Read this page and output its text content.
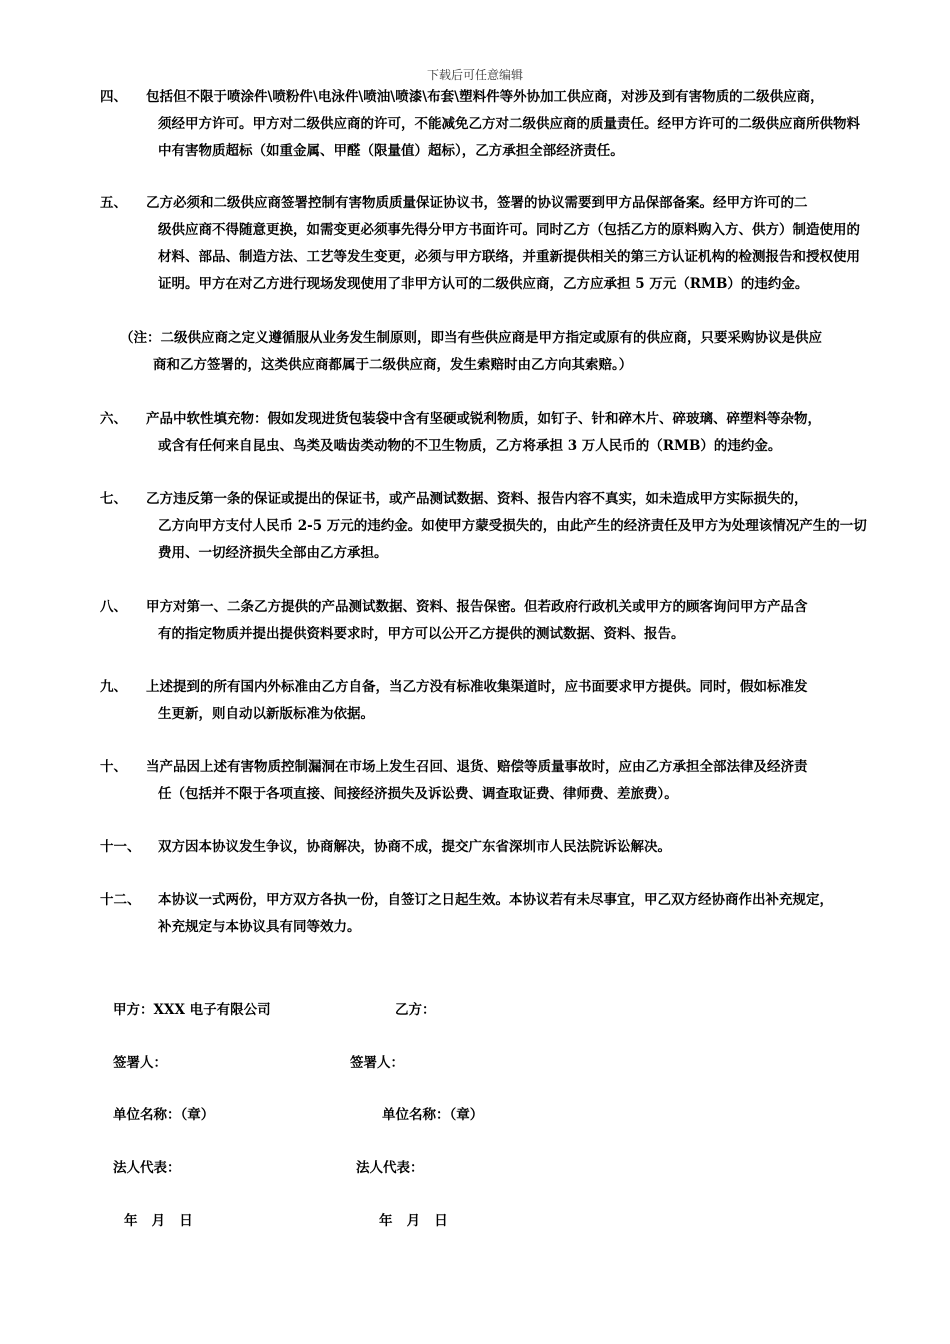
下载后可任意编辑
四、	包括但不限于喷涂件\喷粉件\电泳件\喷油\喷漆\布套\塑料件等外协加工供应商，对涉及到有害物质的二级供应商，
须经甲方许可。甲方对二级供应商的许可，不能减免乙方对二级供应商的质量责任。经甲方许可的二级供应商所供物料中有害物质超标（如重金属、甲醛（限量值）超标），乙方承担全部经济责任。
五、	乙方必须和二级供应商签署控制有害物质质量保证协议书，签署的协议需要到甲方品保部备案。经甲方许可的二
级供应商不得随意更换，如需变更必须事先得分甲方书面许可。同时乙方（包括乙方的原料购入方、供方）制造使用的材料、部品、制造方法、工艺等发生变更，必须与甲方联络，并重新提供相关的第三方认证机构的检测报告和授权使用证明。甲方在对乙方进行现场发现使用了非甲方认可的二级供应商，乙方应承担 5 万元（RMB）的违约金。
（注：二级供应商之定义遵循服从业务发生制原则，即当有些供应商是甲方指定或原有的供应商，只要采购协议是供应
商和乙方签署的，这类供应商都属于二级供应商，发生索赔时由乙方向其索赔。）
六、	产品中软性填充物：假如发现进货包装袋中含有坚硬或锐利物质，如钉子、针和碎木片、碎玻璃、碎塑料等杂物，
或含有任何来自昆虫、鸟类及啮齿类动物的不卫生物质，乙方将承担 3 万人民币的（RMB）的违约金。
七、	乙方违反第一条的保证或提出的保证书，或产品测试数据、资料、报告内容不真实，如未造成甲方实际损失的，
乙方向甲方支付人民币 2-5 万元的违约金。如使甲方蒙受损失的，由此产生的经济责任及甲方为处理该情况产生的一切费用、一切经济损失全部由乙方承担。
八、	甲方对第一、二条乙方提供的产品测试数据、资料、报告保密。但若政府行政机关或甲方的顾客询问甲方产品含
有的指定物质并提出提供资料要求时，甲方可以公开乙方提供的测试数据、资料、报告。
九、	上述提到的所有国内外标准由乙方自备，当乙方没有标准收集渠道时，应书面要求甲方提供。同时，假如标准发
生更新，则自动以新版标准为依据。
十、	当产品因上述有害物质控制漏洞在市场上发生召回、退货、赔偿等质量事故时，应由乙方承担全部法律及经济责
任（包括并不限于各项直接、间接经济损失及诉讼费、调查取证费、律师费、差旅费）。
十一、	双方因本协议发生争议，协商解决，协商不成，提交广东省深圳市人民法院诉讼解决。
十二、	本协议一式两份，甲方双方各执一份，自签订之日起生效。本协议若有未尽事宜，甲乙双方经协商作出补充规定，
补充规定与本协议具有同等效力。
甲方：XXX 电子有限公司	乙方：
签署人：	签署人：
单位名称：（章）	单位名称：（章）
法人代表：	法人代表：
年   月   日	年   月   日
